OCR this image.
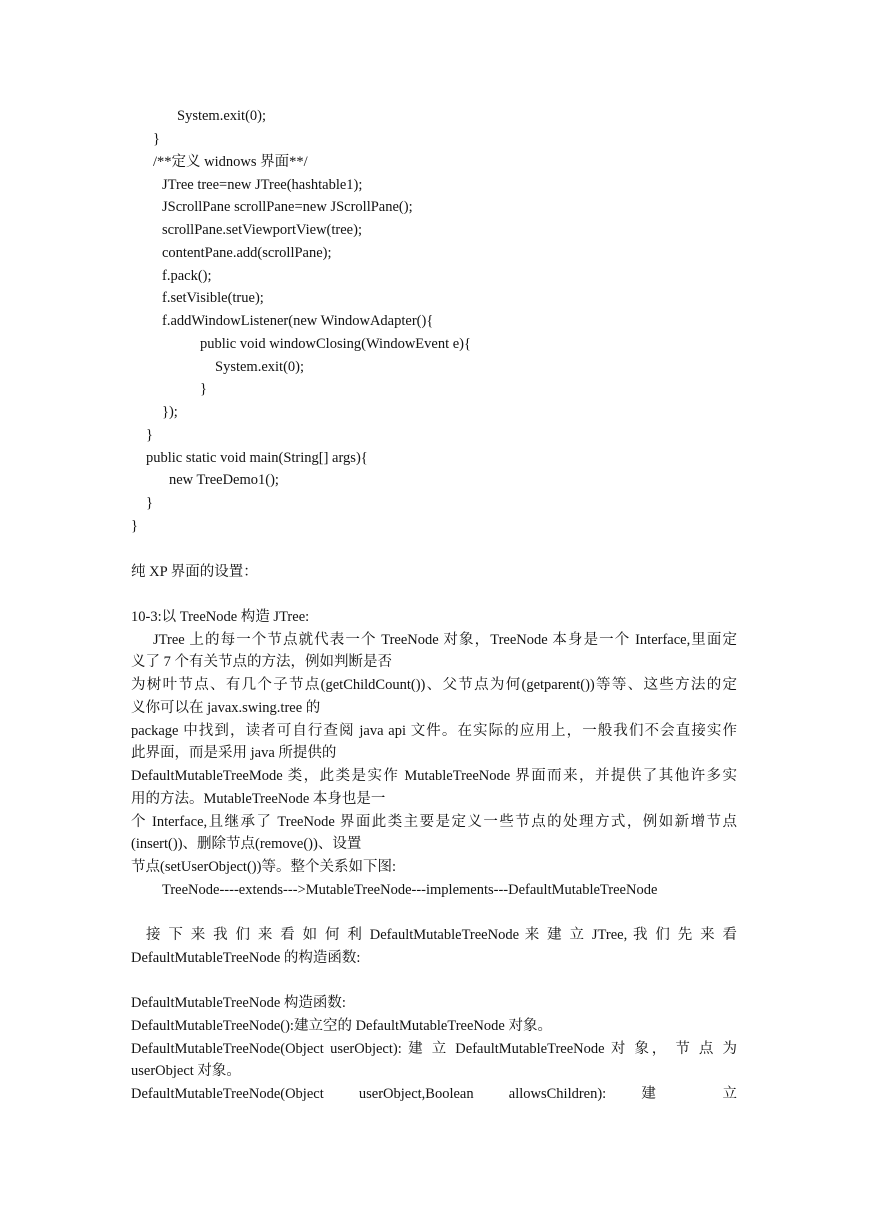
System.exit(0);
}
/**定义 widnows 界面**/
JTree tree=new JTree(hashtable1);
JScrollPane scrollPane=new JScrollPane();
scrollPane.setViewportView(tree);
contentPane.add(scrollPane);
f.pack();
f.setVisible(true);
f.addWindowListener(new WindowAdapter(){
public void windowClosing(WindowEvent e){
System.exit(0);
}
});
}
public static void main(String[] args){
new TreeDemo1();
}
}
纯 XP 界面的设置：
10-3:以 TreeNode 构造 JTree:
JTree 上的每一个节点就代表一个 TreeNode 对象，TreeNode 本身是一个 Interface,里面定
义了 7 个有关节点的方法，例如判断是否
为树叶节点、有几个子节点(getChildCount())、父节点为何(getparent())等等、这些方法的定
义你可以在 javax.swing.tree 的
package 中找到，读者可自行查阅 java api 文件。在实际的应用上，一般我们不会直接实作
此界面，而是采用 java 所提供的
DefaultMutableTreeMode 类，此类是实作 MutableTreeNode 界面而来，并提供了其他许多实
用的方法。MutableTreeNode 本身也是一
个 Interface,且继承了 TreeNode 界面此类主要是定义一些节点的处理方式，例如新增节点
(insert())、删除节点(remove())、设置
节点(setUserObject())等。整个关系如下图:
TreeNode----extends--->MutableTreeNode---implements---DefaultMutableTreeNode
接 下 来 我 们 来 看 如 何 利 DefaultMutableTreeNode 来 建 立 JTree, 我 们 先 来 看
DefaultMutableTreeNode 的构造函数:
DefaultMutableTreeNode 构造函数:
DefaultMutableTreeNode():建立空的 DefaultMutableTreeNode 对象。
DefaultMutableTreeNode(Object userObject): 建 立 DefaultMutableTreeNode 对 象， 节 点 为
userObject 对象。
DefaultMutableTreeNode(Object userObject,Boolean allowsChildren): 建 立
